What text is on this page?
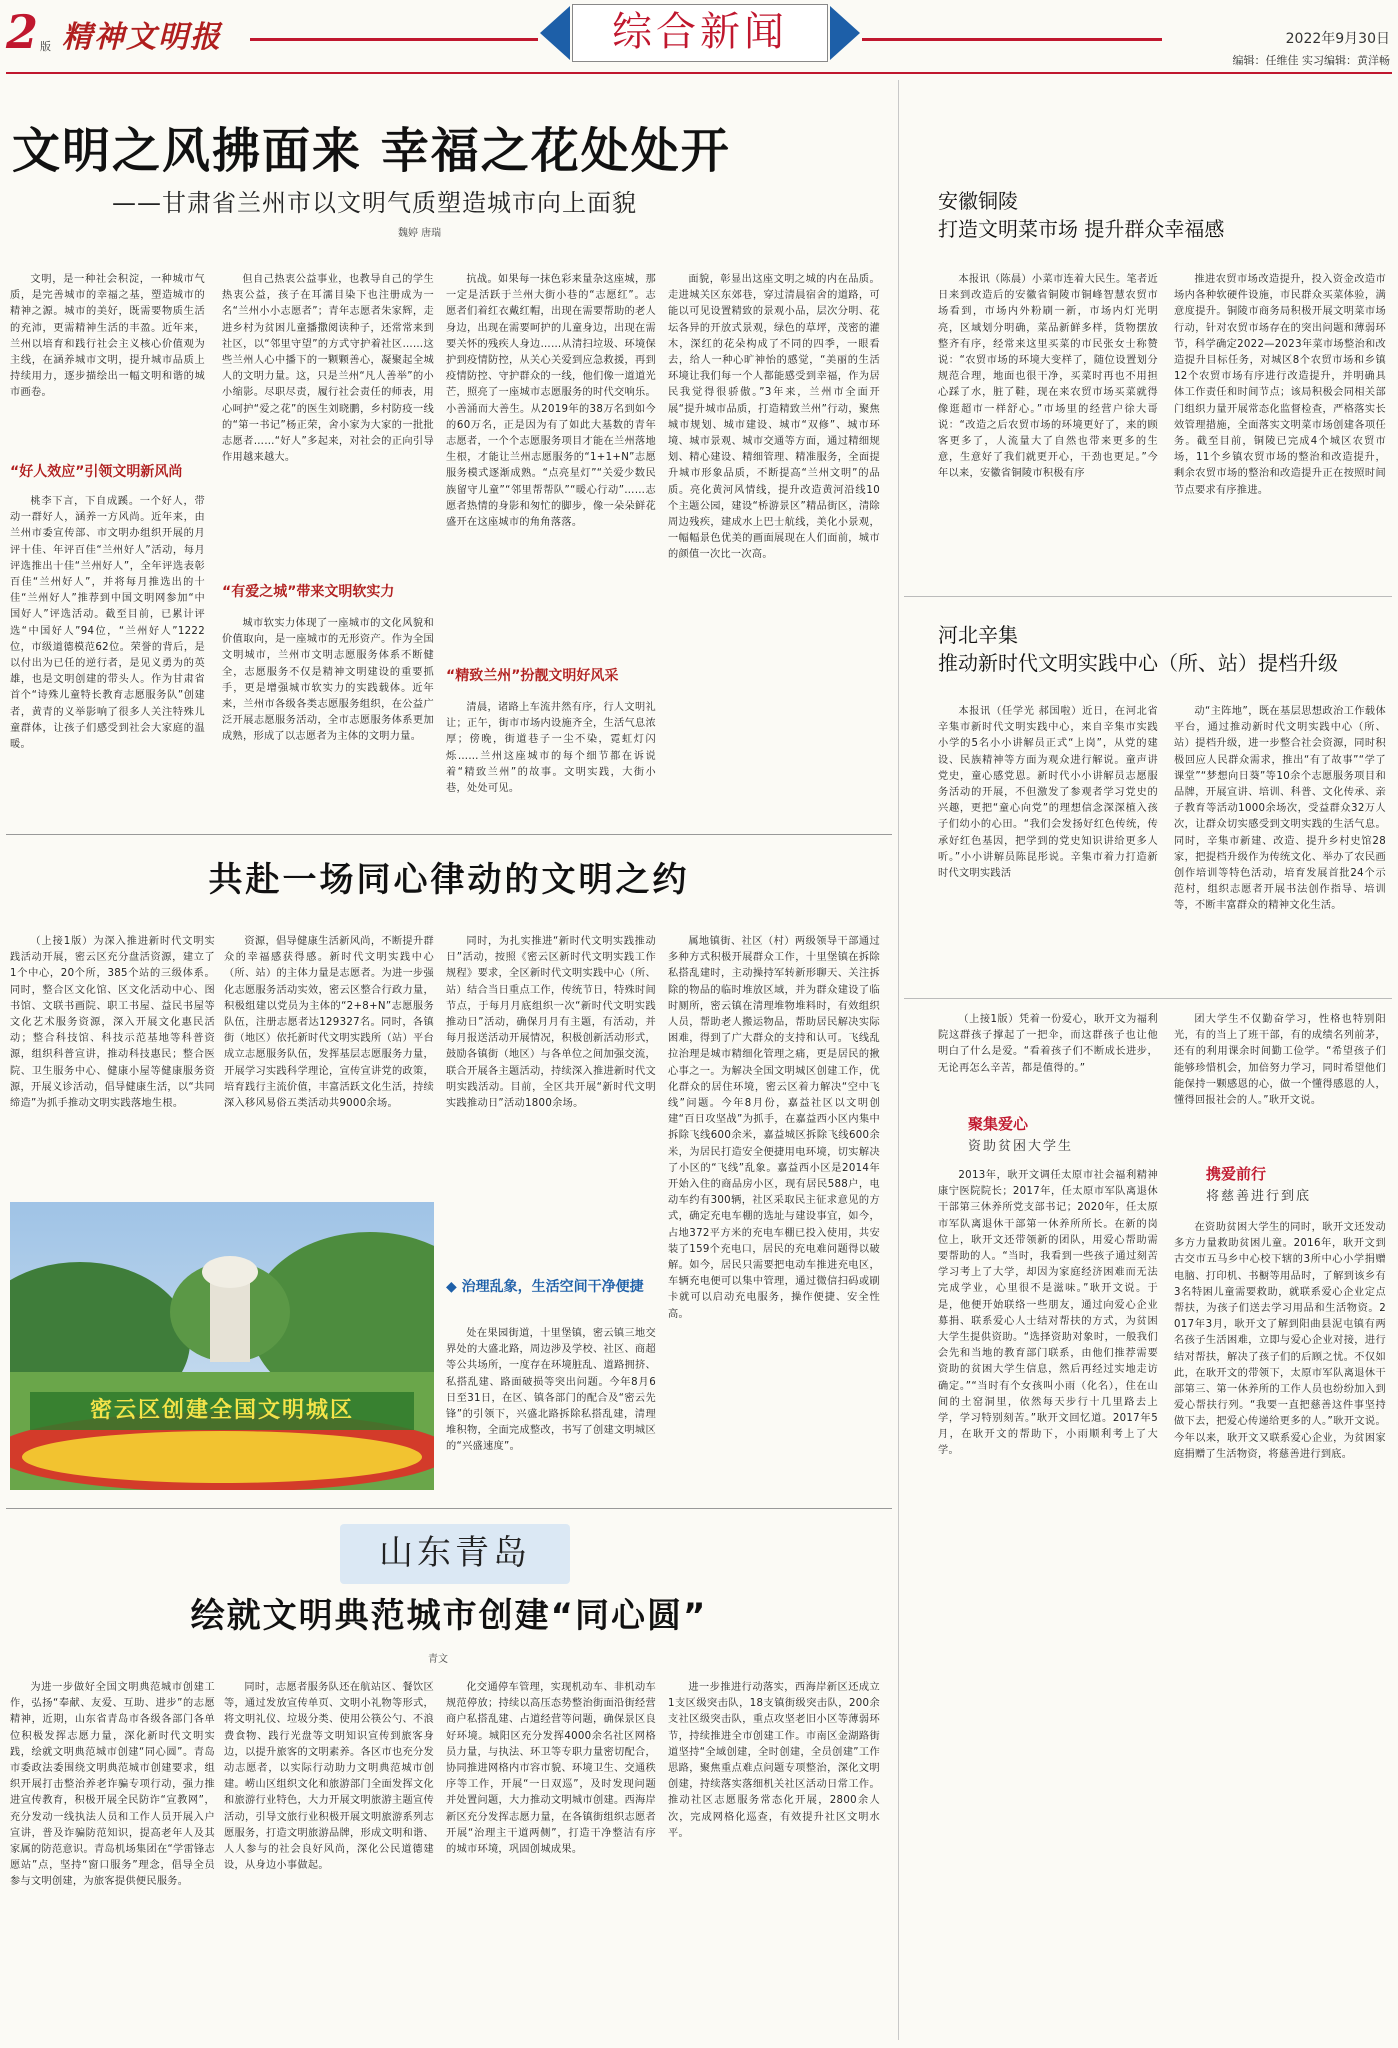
2 版 精神文明报	综合新闻	2022年9月30日
编辑：任维佳 实习编辑：黄洋畅
文明之风拂面来 幸福之花处处开
——甘肃省兰州市以文明气质塑造城市向上面貌
魏婷 唐瑞

文明，是一种社会积淀，一种城市气质，是完善城市的幸福之基，塑造城市的精神之源。城市的美好，既需要物质生活的充沛，更需精神生活的丰盈。近年来，兰州以培育和践行社会主义核心价值观为主线，在涵养城市文明，提升城市品质上持续用力，逐步描绘出一幅文明和谐的城市画卷。

“好人效应”引领文明新风尚

桃李下言，下自成蹊。一个好人，带动一群好人，涵养一方风尚。近年来，由兰州市委宣传部、市文明办组织开展的月评十佳、年评百佳“兰州好人”活动，每月评选推出十佳“兰州好人”，全年评选表彰百佳“兰州好人”，并将每月推选出的十佳“兰州好人”推荐到中国文明网参加“中国好人”评选活动。截至目前，已累计评选“中国好人”94位，“兰州好人”1222位，市级道德模范62位。荣誉的背后，是以付出为已任的逆行者，是见义勇为的英雄，也是文明创建的带头人。作为甘肃省首个“诗殊儿童特长教育志愿服务队”创建者，黄青的义举影响了很多人关注特殊儿童群体，让孩子们感受到社会大家庭的温暖。

但自己热衷公益事业，也教导自己的学生热衷公益，孩子在耳濡目染下也注册成为一名“兰州小小志愿者”；青年志愿者朱家辉，走进乡村为贫困儿童播撒阅读种子，还常常来到社区，以“邻里守望”的方式守护着社区……这些兰州人心中播下的一颗颗善心，凝聚起全城人的文明力量。这，只是兰州“凡人善举”的小小缩影。尽职尽责，履行社会责任的师表，用心呵护“爱之花”的医生刘晓鹏，乡村防疫一线的“第一书记”杨正荣，舍小家为大家的一批批志愿者……“好人”多起来，对社会的正向引导作用越来越大。

“有爱之城”带来文明软实力

城市软实力体现了一座城市的文化风貌和价值取向，是一座城市的无形资产。作为全国文明城市，兰州市文明志愿服务体系不断健全，志愿服务不仅是精神文明建设的重要抓手，更是增强城市软实力的实践载体。近年来，兰州市各级各类志愿服务组织，在公益广泛开展志愿服务活动，全市志愿服务体系更加成熟，形成了以志愿者为主体的文明力量。

抗战。如果每一抹色彩来量杂这座城，那一定是活跃于兰州大街小巷的“志愿红”。志愿者们着红衣戴红帽，出现在需要帮助的老人身边，出现在需要呵护的儿童身边，出现在需要关怀的残疾人身边……从清扫垃圾、环境保护到疫情防控，从关心关爱到应急救援，再到疫情防控、守护群众的一线，他们像一道道光芒，照亮了一座城市志愿服务的时代交响乐。小善涌而大善生。从2019年的38万名到如今的60万名，正是因为有了如此大基数的青年志愿者，一个个志愿服务项目才能在兰州落地生根，才能让兰州志愿服务的“1+1+N”志愿服务模式逐渐成熟。“点亮星灯”“关爱少数民族留守儿童”“邻里帮帮队”“暖心行动”……志愿者热情的身影和匆忙的脚步，像一朵朵鲜花盛开在这座城市的角角落落。

“精致兰州”扮靓文明好风采

清晨，诸路上车流井然有序，行人文明礼让；正午，街市市场内设施齐全，生活气息浓厚；傍晚，街道巷子一尘不染，霓虹灯闪烁……兰州这座城市的每个细节都在诉说着“精致兰州”的故事。文明实践，大街小巷，处处可见。

面貌，彰显出这座文明之城的内在品质。走进城关区东郊巷，穿过清晨宿舍的道路，可能以可见设置精致的景观小品，层次分明、花坛各异的开放式景观，绿色的草坪，茂密的灌木，深红的花朵构成了不同的四季，一眼看去，给人一种心旷神怡的感觉，“美丽的生活环境让我们每一个人都能感受到幸福，作为居民我觉得很骄傲。”3年来，兰州市全面开展“提升城市品质，打造精致兰州”行动，聚焦城市规划、城市建设、城市“双修”、城市环境、城市景观、城市交通等方面，通过精细规划、精心建设、精细管理、精准服务，全面提升城市形象品质，不断提高“兰州文明”的品质。亮化黄河风情线，提升改造黄河沿线10个主题公园，建设“桥游景区”精品街区，清除周边残疾，建成水上巴士航线，美化小景观，一幅幅景色优美的画面展现在人们面前，城市的颜值一次比一次高。

安徽铜陵
打造文明菜市场 提升群众幸福感

本报讯（陈晨）小菜市连着大民生。笔者近日来到改造后的安徽省铜陵市铜峰智慧农贸市场看到，市场内外粉刷一新，市场内灯光明亮，区域划分明确，菜品新鲜多样，货物摆放整齐有序，经常来这里买菜的市民张女士称赞说：“农贸市场的环境大变样了，随位设置划分规范合理，地面也很干净，买菜时再也不用担心踩了水，脏了鞋，现在来农贸市场买菜就得像逛超市一样舒心。”市场里的经营户徐大哥说：“改造之后农贸市场的环境更好了，来的顾客更多了，人流量大了自然也带来更多的生意，生意好了我们就更开心，干劲也更足。”今年以来，安徽省铜陵市积极有序

推进农贸市场改造提升，投入资金改造市场内各种软硬件设施，市民群众买菜体验，满意度提升。铜陵市商务局积极开展文明菜市场行动，针对农贸市场存在的突出问题和薄弱环节，科学确定2022—2023年菜市场整治和改造提升目标任务，对城区8个农贸市场和乡镇12个农贸市场有序进行改造提升，并明确具体工作责任和时间节点；该局积极会同相关部门组织力量开展常态化监督检查，严格落实长效管理措施，全面落实文明菜市场创建各项任务。截至目前，铜陵已完成4个城区农贸市场，11个乡镇农贸市场的整治和改造提升，剩余农贸市场的整治和改造提升正在按照时间节点要求有序推进。

河北辛集
推动新时代文明实践中心（所、站）提档升级

本报讯（任学光 郝国啦）近日，在河北省辛集市新时代文明实践中心，来自辛集市实践小学的5名小小讲解员正式“上岗”，从党的建设、民族精神等方面为观众进行解说。童声讲党史，童心感党恩。新时代小小讲解员志愿服务活动的开展，不但激发了参观者学习党史的兴趣，更把“童心向党”的理想信念深深植入孩子们幼小的心田。“我们会发扬好红色传统，传承好红色基因，把学到的党史知识讲给更多人听。”小小讲解员陈昆彤说。辛集市着力打造新时代文明实践活

动“主阵地”，既在基层思想政治工作载体平台，通过推动新时代文明实践中心（所、站）提档升级，进一步整合社会资源，同时积极回应人民群众需求，推出“有了故事”“学了课堂”“梦想向日葵”等10余个志愿服务项目和品牌，开展宣讲、培训、科普、文化传承、亲子教育等活动1000余场次，受益群众32万人次，让群众切实感受到文明实践的生活气息。同时，辛集市新建、改造、提升乡村史馆28家，把提档升级作为传统文化、举办了农民画创作培训等特色活动，培育发展首批24个示范村，组织志愿者开展书法创作指导、培训等，不断丰富群众的精神文化生活。

共赴一场同心律动的文明之约

（上接1版）为深入推进新时代文明实践活动开展，密云区充分盘活资源，建立了1个中心，20个所，385个站的三级体系。同时，整合区文化馆、区文化活动中心、图书馆、文联书画院、职工书屋、益民书屋等文化艺术服务资源，深入开展文化惠民活动；整合科技馆、科技示范基地等科普资源，组织科普宣讲，推动科技惠民；整合医院、卫生服务中心、健康小屋等健康服务资源，开展义诊活动，倡导健康生活，以“共同缔造”为抓手推动文明实践落地生根。

资源，倡导健康生活新风尚，不断提升群众的幸福感获得感。新时代文明实践中心（所、站）的主体力量是志愿者。为进一步强化志愿服务活动实效，密云区整合行政力量，积极组建以党员为主体的“2+8+N”志愿服务队伍，注册志愿者达129327名。同时，各镇街（地区）依托新时代文明实践所（站）平台成立志愿服务队伍，发挥基层志愿服务力量，开展学习实践科学理论，宣传宣讲党的政策，培育践行主流价值，丰富活跃文化生活，持续深入移风易俗五类活动共9000余场。

同时，为扎实推进“新时代文明实践推动日”活动，按照《密云区新时代文明实践工作规程》要求，全区新时代文明实践中心（所、站）结合当日重点工作，传统节日，特殊时间节点，于每月月底组织一次“新时代文明实践推动日”活动，确保月月有主题，有活动，并每月报送活动开展情况，积极创新活动形式，鼓励各镇街（地区）与各单位之间加强交流，联合开展各主题活动，持续深入推进新时代文明实践活动。目前，全区共开展“新时代文明实践推动日”活动1800余场。

◆ 治理乱象，生活空间干净便捷

处在果园街道，十里堡镇，密云镇三地交界处的大盛北路，周边涉及学校、社区、商超等公共场所，一度存在环境脏乱、道路拥挤、私搭乱建、路面破损等突出问题。今年8月6日至31日，在区、镇各部门的配合及“密云先锋”的引领下，兴盛北路拆除私搭乱建，清理堆积物，全面完成整改，书写了创建文明城区的“兴盛速度”。

属地镇街、社区（村）两级领导干部通过多种方式积极开展群众工作，十里堡镇在拆除私搭乱建时，主动操持军转新形聊天、关注拆除的物品的临时堆放区域，并为群众建设了临时厕所，密云镇在清理堆物堆料时，有效组织人员，帮助老人搬运物品，帮助居民解决实际困难，得到了广大群众的支持和认可。飞线乱拉治理是城市精细化管理之痛，更是居民的揪心事之一。为解决全国文明城区创建工作，优化群众的居住环境，密云区着力解决“空中飞线”问题。今年8月份，嘉益社区以文明创建“百日攻坚战”为抓手，在嘉益西小区内集中拆除飞线600余米，嘉益城区拆除飞线600余米，为居民打造安全便捷用电环境，切实解决了小区的“飞线”乱象。嘉益西小区是2014年开始入住的商品房小区，现有居民588户，电动车约有300辆，社区采取民主征求意见的方式，确定充电车棚的选址与建设事宜，如今，占地372平方米的充电车棚已投入使用，共安装了159个充电口，居民的充电难问题得以破解。如今，居民只需要把电动车推进充电区，车辆充电便可以集中管理，通过微信扫码或刷卡就可以启动充电服务，操作便捷、安全性高。

密云区创建全国文明城区
山东青岛
绘就文明典范城市创建“同心圆”
青文

为进一步做好全国文明典范城市创建工作，弘扬“奉献、友爱、互助、进步”的志愿精神，近期，山东省青岛市各级各部门各单位积极发挥志愿力量，深化新时代文明实践，绘就文明典范城市创建“同心圆”。青岛市委政法委围绕文明典范城市创建要求，组织开展打击整治养老诈骗专项行动，强力推进宣传教育，积极开展全民防诈“宣教网”，充分发动一线执法人员和工作人员开展入户宣讲，普及诈骗防范知识，提高老年人及其家属的防范意识。青岛机场集团在“学雷锋志愿站”点，坚持“窗口服务”理念，倡导全员参与文明创建，为旅客提供便民服务。

同时，志愿者服务队还在航站区、餐饮区等，通过发放宣传单页、文明小礼物等形式，将文明礼仪、垃圾分类、使用公筷公勺、不浪费食物、践行光盘等文明知识宣传到旅客身边，以提升旅客的文明素养。各区市也充分发动志愿者，以实际行动助力文明典范城市创建。崂山区组织文化和旅游部门全面发挥文化和旅游行业特色，大力开展文明旅游主题宣传活动，引导文旅行业积极开展文明旅游系列志愿服务，打造文明旅游品牌，形成文明和谐、人人参与的社会良好风尚，深化公民道德建设，从身边小事做起。

化交通停车管理，实现机动车、非机动车规范停放；持续以高压态势整治街面沿街经营商户私搭乱建、占道经营等问题，确保景区良好环境。城阳区充分发挥4000余名社区网格员力量，与执法、环卫等专职力量密切配合，协同推进网格内市容市貌、环境卫生、交通秩序等工作，开展“一日双巡”，及时发现问题并处置问题，大力推动文明城市创建。西海岸新区充分发挥志愿力量，在各镇街组织志愿者开展“治理主干道两侧”，打造干净整洁有序的城市环境，巩固创城成果。

进一步推进行动落实，西海岸新区还成立1支区级突击队，18支镇街级突击队，200余支社区级突击队，重点攻坚老旧小区等薄弱环节，持续推进全市创建工作。市南区金湖路街道坚持“全域创建，全时创建，全员创建”工作思路，聚焦重点难点问题专项整治，深化文明创建，持续落实落细机关社区活动日常工作。推动社区志愿服务常态化开展，2800余人次，完成网格化巡查，有效提升社区文明水平。

（上接1版）凭着一份爱心，耿开文为福利院这群孩子撑起了一把伞，而这群孩子也让他明白了什么是爱。“看着孩子们不断成长进步，无论再怎么辛苦，都是值得的。”

聚集爱心
资助贫困大学生

2013年，耿开文调任太原市社会福利精神康宁医院院长；2017年，任太原市军队离退休干部第三休养所党支部书记；2020年，任太原市军队离退休干部第一休养所所长。在新的岗位上，耿开文还带领新的团队，用爱心帮助需要帮助的人。“当时，我看到一些孩子通过刻苦学习考上了大学，却因为家庭经济困难而无法完成学业，心里很不是滋味。”耿开文说。于是，他便开始联络一些朋友，通过向爱心企业募捐、联系爱心人士结对帮扶的方式，为贫困大学生提供资助。“选择资助对象时，一般我们会先和当地的教育部门联系，由他们推荐需要资助的贫困大学生信息，然后再经过实地走访确定。”“当时有个女孩叫小雨（化名），住在山间的土窑洞里，依然每天步行十几里路去上学，学习特别刻苦。”耿开文回忆道。2017年5月，在耿开文的帮助下，小雨顺利考上了大学。

团大学生不仅勤奋学习，性格也特别阳光，有的当上了班干部，有的成绩名列前茅，还有的利用课余时间勤工俭学。“希望孩子们能够珍惜机会，加倍努力学习，同时希望他们能保持一颗感恩的心，做一个懂得感恩的人，懂得回报社会的人。”耿开文说。

携爱前行
将慈善进行到底

在资助贫困大学生的同时，耿开文还发动多方力量救助贫困儿童。2016年，耿开文到古交市五马乡中心校下辖的3所中心小学捐赠电脑、打印机、书橱等用品时，了解到该乡有3名特困儿童需要救助，就联系爱心企业定点帮扶，为孩子们送去学习用品和生活物资。2017年3月，耿开文了解到阳曲县泥屯镇有两名孩子生活困难，立即与爱心企业对接，进行结对帮扶，解决了孩子们的后顾之忧。不仅如此，在耿开文的带领下，太原市军队离退休干部第三、第一休养所的工作人员也纷纷加入到爱心帮扶行列。“我要一直把慈善这件事坚持做下去，把爱心传递给更多的人。”耿开文说。今年以来，耿开文又联系爱心企业，为贫困家庭捐赠了生活物资，将慈善进行到底。
